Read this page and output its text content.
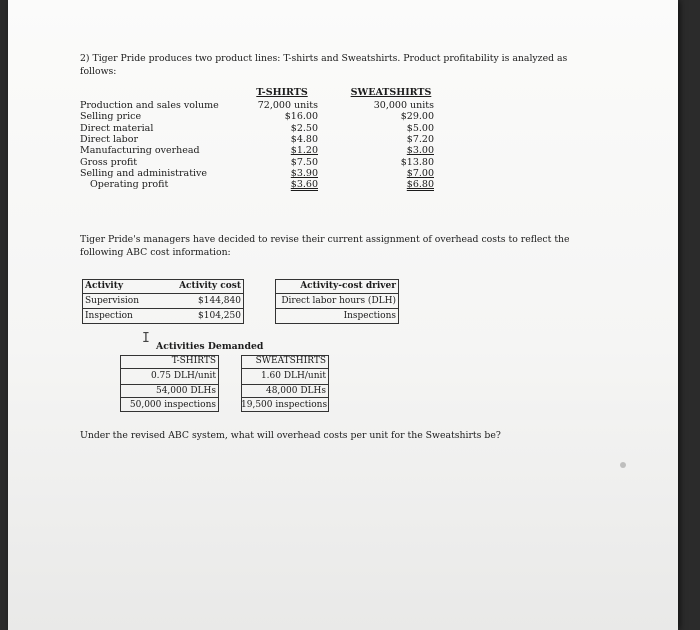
2) Tiger Pride produces two product lines: T-shirts and Sweatshirts. Product profitability is analyzed as
follows:
T-SHIRTS	SWEATSHIRTS
Production and sales volume	72,000 units	30,000 units
Selling price	$16.00	$29.00
Direct material	$2.50	$5.00
Direct labor	$4.80	$7.20
Manufacturing overhead	$1.20	$3.00
Gross profit	$7.50	$13.80
Selling and administrative	$3.90	$7.00
Operating profit	$3.60	$6.80
Tiger Pride's managers have decided to revise their current assignment of overhead costs to reflect the
following ABC cost information:
Activity	Activity cost	Activity-cost driver
Supervision	$144,840	Direct labor hours (DLH)
Inspection	$104,250	Inspections
I
Activities Demanded
T-SHIRTS	SWEATSHIRTS
0.75 DLH/unit	1.60 DLH/unit
54,000 DLHs	48,000 DLHs
50,000 inspections	19,500 inspections
Under the revised ABC system, what will overhead costs per unit for the Sweatshirts be?
